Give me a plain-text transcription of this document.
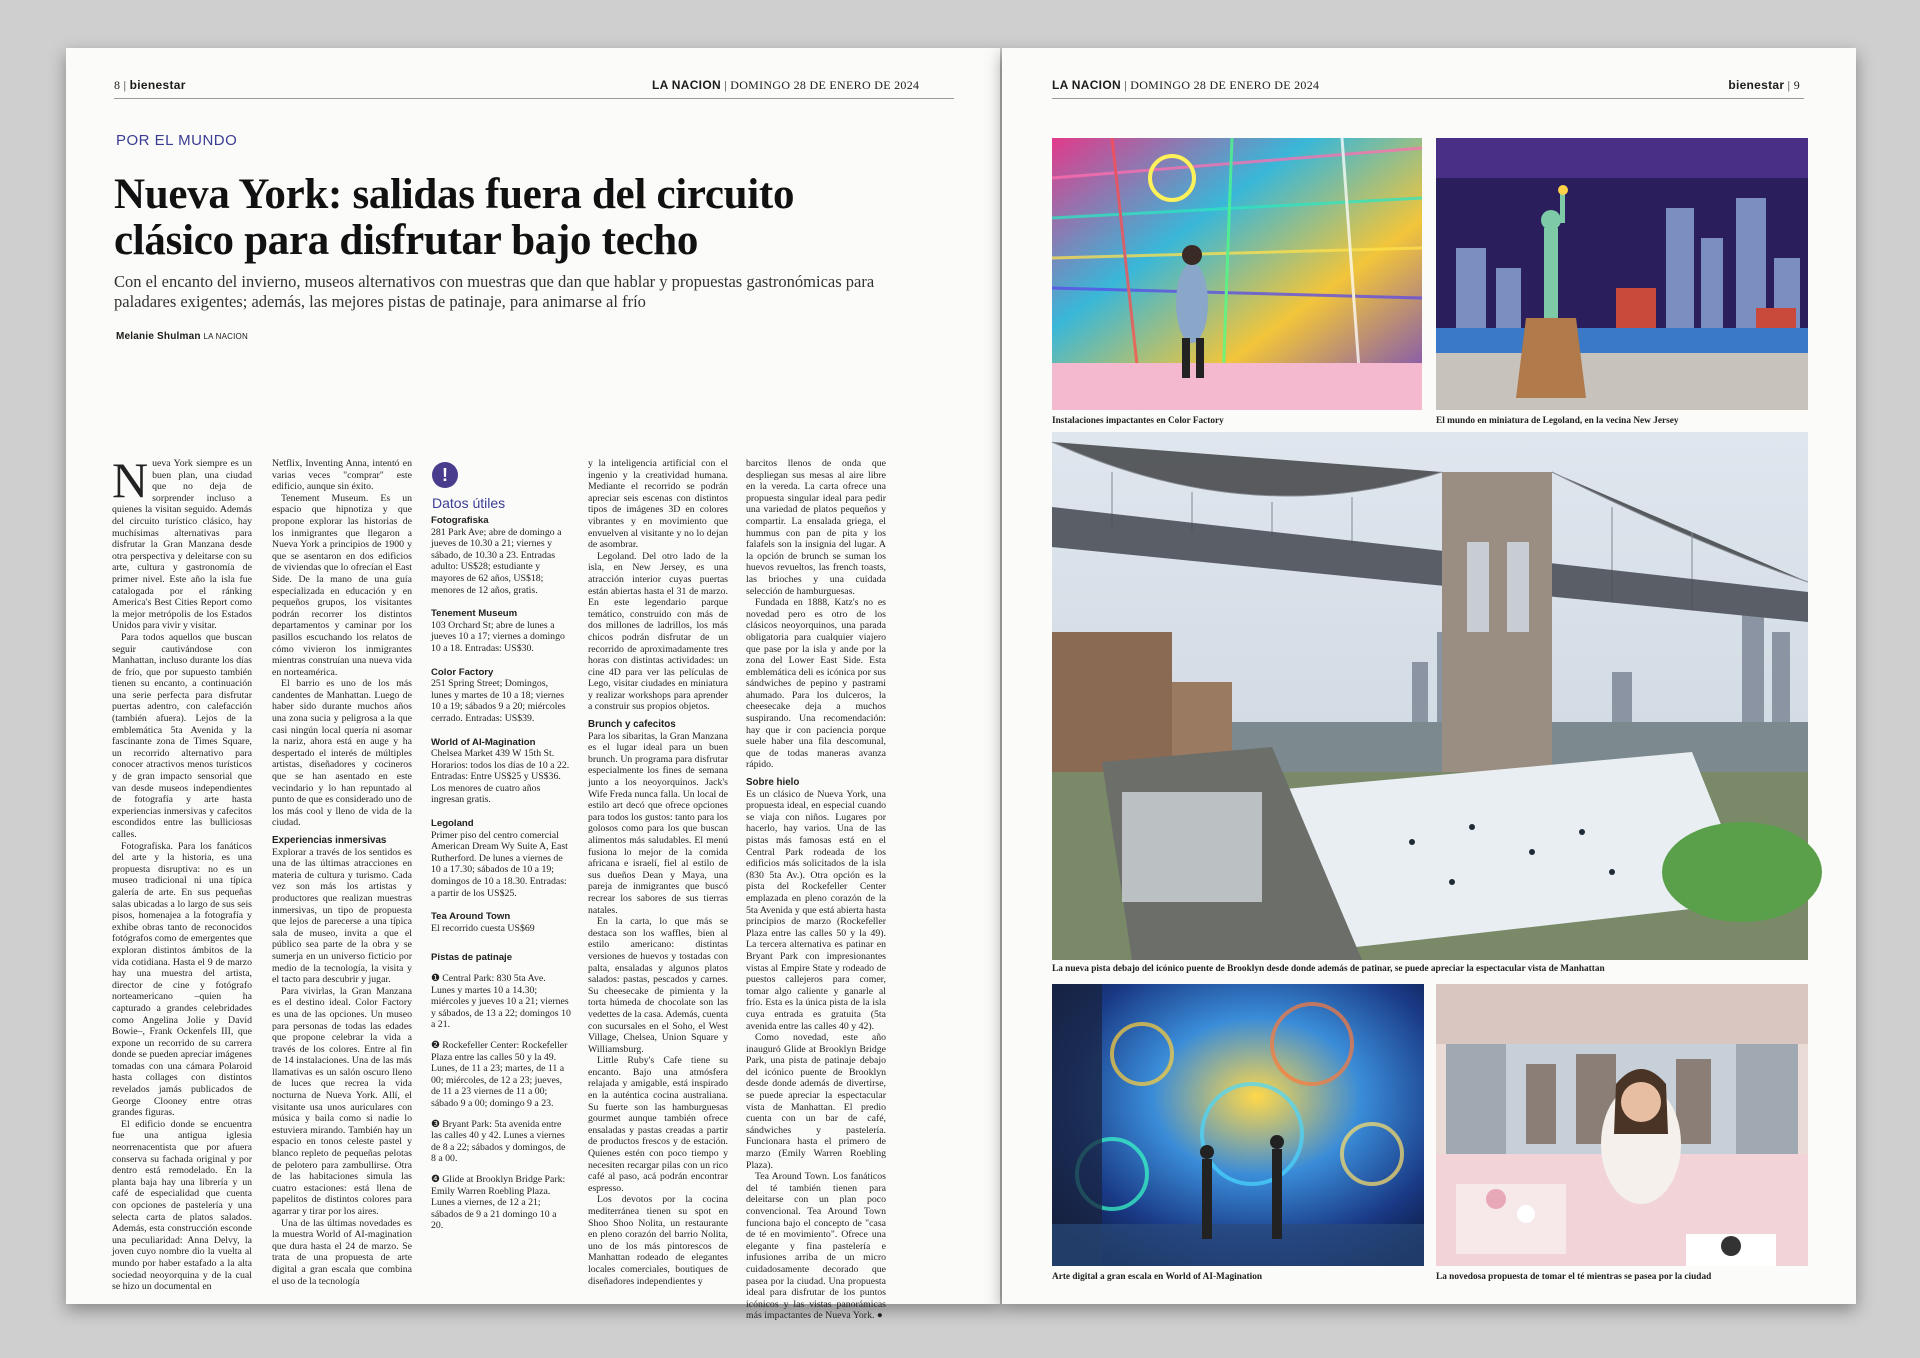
8 | bienestar	LA NACION | DOMINGO 28 DE ENERO DE 2024
POR EL MUNDO
Nueva York: salidas fuera del circuito clásico para disfrutar bajo techo

Con el encanto del invierno, museos alternativos con muestras que dan que hablar y propuestas gastronómicas para paladares exigentes; además, las mejores pistas de patinaje, para animarse al frío

Melanie Shulman LA NACION

Nueva York siempre es un buen plan, una ciudad que no deja de sorprender incluso a quienes la visitan seguido. Además del circuito turístico clásico, hay muchísimas alternativas para disfrutar la Gran Manzana desde otra perspectiva y deleitarse con su arte, cultura y gastronomía de primer nivel. Este año la isla fue catalogada por el ránking America's Best Cities Report como la mejor metrópolis de los Estados Unidos para vivir y visitar.

Para todos aquellos que buscan seguir cautivándose con Manhattan, incluso durante los días de frío, que por supuesto también tienen su encanto, a continuación una serie perfecta para disfrutar puertas adentro, con calefacción (también afuera). Lejos de la emblemática 5ta Avenida y la fascinante zona de Times Square, un recorrido alternativo para conocer atractivos menos turísticos y de gran impacto sensorial que van desde museos independientes de fotografía y arte hasta experiencias inmersivas y cafecitos escondidos entre las bulliciosas calles.

Fotografiska. Para los fanáticos del arte y la historia, es una propuesta disruptiva: no es un museo tradicional ni una típica galería de arte. En sus pequeñas salas ubicadas a lo largo de sus seis pisos, homenajea a la fotografía y exhibe obras tanto de reconocidos fotógrafos como de emergentes que exploran distintos ámbitos de la vida cotidiana. Hasta el 9 de marzo hay una muestra del artista, director de cine y fotógrafo norteamericano –quien ha capturado a grandes celebridades como Angelina Jolie y David Bowie–, Frank Ockenfels III, que expone un recorrido de su carrera donde se pueden apreciar imágenes tomadas con una cámara Polaroid hasta collages con distintos revelados jamás publicados de George Clooney entre otras grandes figuras.

El edificio donde se encuentra fue una antigua iglesia neorrenacentista que por afuera conserva su fachada original y por dentro está remodelado. En la planta baja hay una librería y un café de especialidad que cuenta con opciones de pastelería y una selecta carta de platos salados. Además, esta construcción esconde una peculiaridad: Anna Delvy, la joven cuyo nombre dio la vuelta al mundo por haber estafado a la alta sociedad neoyorquina y de la cual se hizo un documental en

Netflix, Inventing Anna, intentó en varias veces "comprar" este edificio, aunque sin éxito.

Tenement Museum. Es un espacio que hipnotiza y que propone explorar las historias de los inmigrantes que llegaron a Nueva York a principios de 1900 y que se asentaron en dos edificios de viviendas que lo ofrecían el East Side. De la mano de una guía especializada en educación y en pequeños grupos, los visitantes podrán recorrer los distintos departamentos y caminar por los pasillos escuchando los relatos de cómo vivieron los inmigrantes mientras construían una nueva vida en norteamérica.

El barrio es uno de los más candentes de Manhattan. Luego de haber sido durante muchos años una zona sucia y peligrosa a la que casi ningún local quería ni asomar la nariz, ahora está en auge y ha despertado el interés de múltiples artistas, diseñadores y cocineros que se han asentado en este vecindario y lo han repuntado al punto de que es considerado uno de los más cool y lleno de vida de la ciudad.

Experiencias inmersivas

Explorar a través de los sentidos es una de las últimas atracciones en materia de cultura y turismo. Cada vez son más los artistas y productores que realizan muestras inmersivas, un tipo de propuesta que lejos de parecerse a una típica sala de museo, invita a que el público sea parte de la obra y se sumerja en un universo ficticio por medio de la tecnología, la visita y el tacto para descubrir y jugar.

Para vivirlas, la Gran Manzana es el destino ideal. Color Factory es una de las opciones. Un museo para personas de todas las edades que propone celebrar la vida a través de los colores. Entre al fin de 14 instalaciones. Una de las más llamativas es un salón oscuro lleno de luces que recrea la vida nocturna de Nueva York. Allí, el visitante usa unos auriculares con música y baila como si nadie lo estuviera mirando. También hay un espacio en tonos celeste pastel y blanco repleto de pequeñas pelotas de pelotero para zambullirse. Otra de las habitaciones simula las cuatro estaciones: está llena de papelitos de distintos colores para agarrar y tirar por los aires.

Una de las últimas novedades es la muestra World of AI-magination que dura hasta el 24 de marzo. Se trata de una propuesta de arte digital a gran escala que combina el uso de la tecnología

!
Datos útiles
Fotografiska

281 Park Ave; abre de domingo a jueves de 10.30 a 21; viernes y sábado, de 10.30 a 23. Entradas adulto: US$28; estudiante y mayores de 62 años, US$18; menores de 12 años, gratis.

Tenement Museum

103 Orchard St; abre de lunes a jueves 10 a 17; viernes a domingo 10 a 18. Entradas: US$30.

Color Factory

251 Spring Street; Domingos, lunes y martes de 10 a 18; viernes 10 a 19; sábados 9 a 20; miércoles cerrado. Entradas: US$39.

World of AI-Magination

Chelsea Market 439 W 15th St. Horarios: todos los días de 10 a 22. Entradas: Entre US$25 y US$36. Los menores de cuatro años ingresan gratis.

Legoland

Primer piso del centro comercial American Dream Wy Suite A, East Rutherford. De lunes a viernes de 10 a 17.30; sábados de 10 a 19; domingos de 10 a 18.30. Entradas: a partir de los US$25.

Tea Around Town

El recorrido cuesta US$69

Pistas de patinaje

❶ Central Park: 830 5ta Ave. Lunes y martes 10 a 14.30; miércoles y jueves 10 a 21; viernes y sábados, de 13 a 22; domingos 10 a 21.

❷ Rockefeller Center: Rockefeller Plaza entre las calles 50 y la 49. Lunes, de 11 a 23; martes, de 11 a 00; miércoles, de 12 a 23; jueves, de 11 a 23 viernes de 11 a 00; sábado 9 a 00; domingo 9 a 23.

❸ Bryant Park: 5ta avenida entre las calles 40 y 42. Lunes a viernes de 8 a 22; sábados y domingos, de 8 a 00.

❹ Glide at Brooklyn Bridge Park: Emily Warren Roebling Plaza. Lunes a viernes, de 12 a 21; sábados de 9 a 21 domingo 10 a 20.

y la inteligencia artificial con el ingenio y la creatividad humana. Mediante el recorrido se podrán apreciar seis escenas con distintos tipos de imágenes 3D en colores vibrantes y en movimiento que envuelven al visitante y no lo dejan de asombrar.

Legoland. Del otro lado de la isla, en New Jersey, es una atracción interior cuyas puertas están abiertas hasta el 31 de marzo. En este legendario parque temático, construido con más de dos millones de ladrillos, los más chicos podrán disfrutar de un recorrido de aproximadamente tres horas con distintas actividades: un cine 4D para ver las películas de Lego, visitar ciudades en miniatura y realizar workshops para aprender a construir sus propios objetos.

Brunch y cafecitos

Para los sibaritas, la Gran Manzana es el lugar ideal para un buen brunch. Un programa para disfrutar especialmente los fines de semana junto a los neoyorquinos. Jack's Wife Freda nunca falla. Un local de estilo art decó que ofrece opciones para todos los gustos: tanto para los golosos como para los que buscan alimentos más saludables. El menú fusiona lo mejor de la comida africana e israelí, fiel al estilo de sus dueños Dean y Maya, una pareja de inmigrantes que buscó recrear los sabores de sus tierras natales.

En la carta, lo que más se destaca son los waffles, bien al estilo americano: distintas versiones de huevos y tostadas con palta, ensaladas y algunos platos salados: pastas, pescados y carnes. Su cheesecake de pimienta y la torta húmeda de chocolate son las vedettes de la casa. Además, cuenta con sucursales en el Soho, el West Village, Chelsea, Union Square y Williamsburg.

Little Ruby's Cafe tiene su encanto. Bajo una atmósfera relajada y amigable, está inspirado en la auténtica cocina australiana. Su fuerte son las hamburguesas gourmet aunque también ofrece ensaladas y pastas creadas a partir de productos frescos y de estación. Quienes estén con poco tiempo y necesiten recargar pilas con un rico café al paso, acá podrán encontrar espresso.

Los devotos por la cocina mediterránea tienen su spot en Shoo Shoo Nolita, un restaurante en pleno corazón del barrio Nolita, uno de los más pintorescos de Manhattan rodeado de elegantes locales comerciales, boutiques de diseñadores independientes y

barcitos llenos de onda que despliegan sus mesas al aire libre en la vereda. La carta ofrece una propuesta singular ideal para pedir una variedad de platos pequeños y compartir. La ensalada griega, el hummus con pan de pita y los falafels son la insignia del lugar. A la opción de brunch se suman los huevos revueltos, las french toasts, las brioches y una cuidada selección de hamburguesas.

Fundada en 1888, Katz's no es novedad pero es otro de los clásicos neoyorquinos, una parada obligatoria para cualquier viajero que pase por la isla y ande por la zona del Lower East Side. Esta emblemática deli es icónica por sus sándwiches de pepino y pastrami ahumado. Para los dulceros, la cheesecake deja a muchos suspirando. Una recomendación: hay que ir con paciencia porque suele haber una fila descomunal, que de todas maneras avanza rápido.

Sobre hielo

Es un clásico de Nueva York, una propuesta ideal, en especial cuando se viaja con niños. Lugares por hacerlo, hay varios. Una de las pistas más famosas está en el Central Park rodeada de los edificios más solicitados de la isla (830 5ta Av.). Otra opción es la pista del Rockefeller Center emplazada en pleno corazón de la 5ta Avenida y que está abierta hasta principios de marzo (Rockefeller Plaza entre las calles 50 y la 49). La tercera alternativa es patinar en Bryant Park con impresionantes vistas al Empire State y rodeado de puestos callejeros para comer, tomar algo caliente y ganarle al frío. Esta es la única pista de la isla cuya entrada es gratuita (5ta avenida entre las calles 40 y 42).

Como novedad, este año inauguró Glide at Brooklyn Bridge Park, una pista de patinaje debajo del icónico puente de Brooklyn desde donde además de divertirse, se puede apreciar la espectacular vista de Manhattan. El predio cuenta con un bar de café, sándwiches y pastelería. Funcionara hasta el primero de marzo (Emily Warren Roebling Plaza).

Tea Around Town. Los fanáticos del té también tienen para deleitarse con un plan poco convencional. Tea Around Town funciona bajo el concepto de "casa de té en movimiento". Ofrece una elegante y fina pastelería e infusiones arriba de un micro cuidadosamente decorado que pasea por la ciudad. Una propuesta ideal para disfrutar de los puntos icónicos y las vistas panorámicas más impactantes de Nueva York. ●

LA NACION | DOMINGO 28 DE ENERO DE 2024	bienestar | 9
Instalaciones impactantes en Color Factory	El mundo en miniatura de Legoland, en la vecina New Jersey
La nueva pista debajo del icónico puente de Brooklyn desde donde además de patinar, se puede apreciar la espectacular vista de Manhattan
Arte digital a gran escala en World of AI-Magination	La novedosa propuesta de tomar el té mientras se pasea por la ciudad
